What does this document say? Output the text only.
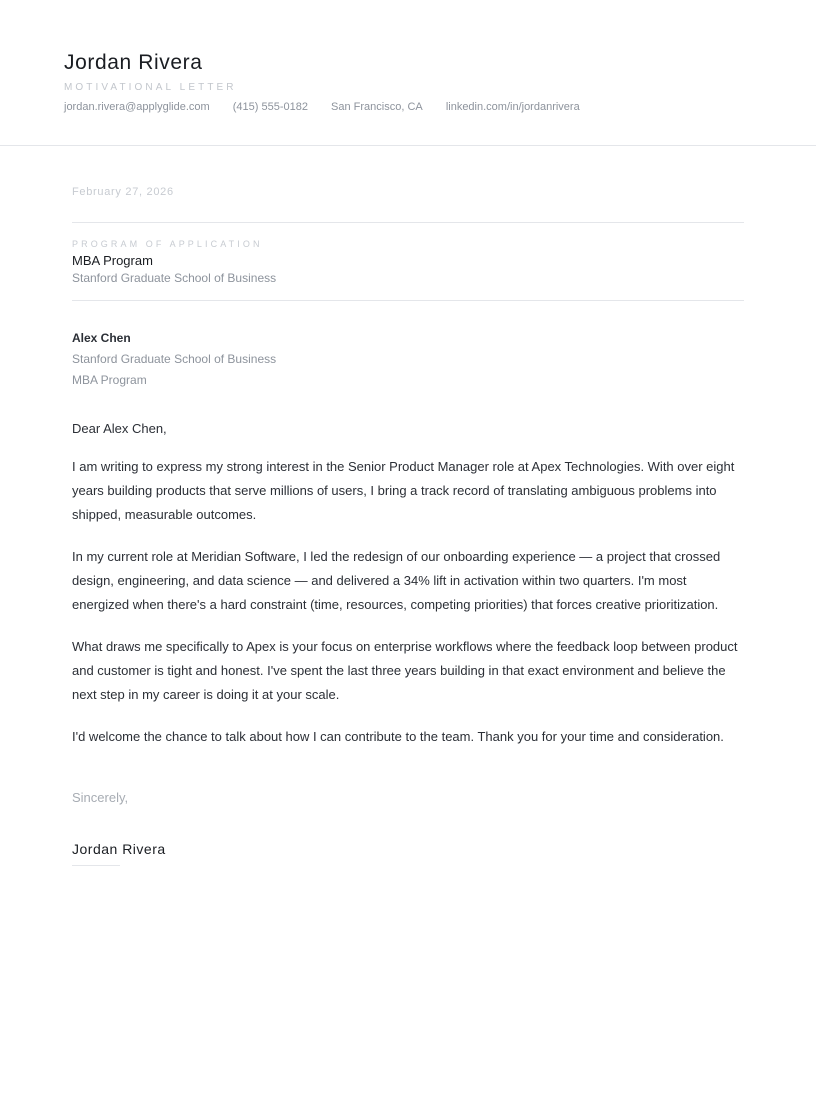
Jordan Rivera
MOTIVATIONAL LETTER
jordan.rivera@applyglide.com (415) 555-0182 San Francisco, CA linkedin.com/in/jordanrivera
February 27, 2026
PROGRAM OF APPLICATION
MBA Program
Stanford Graduate School of Business
Alex Chen
Stanford Graduate School of Business
MBA Program
Dear Alex Chen,

I am writing to express my strong interest in the Senior Product Manager role at Apex Technologies. With over eight years building products that serve millions of users, I bring a track record of translating ambiguous problems into shipped, measurable outcomes.

In my current role at Meridian Software, I led the redesign of our onboarding experience — a project that crossed design, engineering, and data science — and delivered a 34% lift in activation within two quarters. I'm most energized when there's a hard constraint (time, resources, competing priorities) that forces creative prioritization.

What draws me specifically to Apex is your focus on enterprise workflows where the feedback loop between product and customer is tight and honest. I've spent the last three years building in that exact environment and believe the next step in my career is doing it at your scale.

I'd welcome the chance to talk about how I can contribute to the team. Thank you for your time and consideration.

Sincerely,
Jordan Rivera
